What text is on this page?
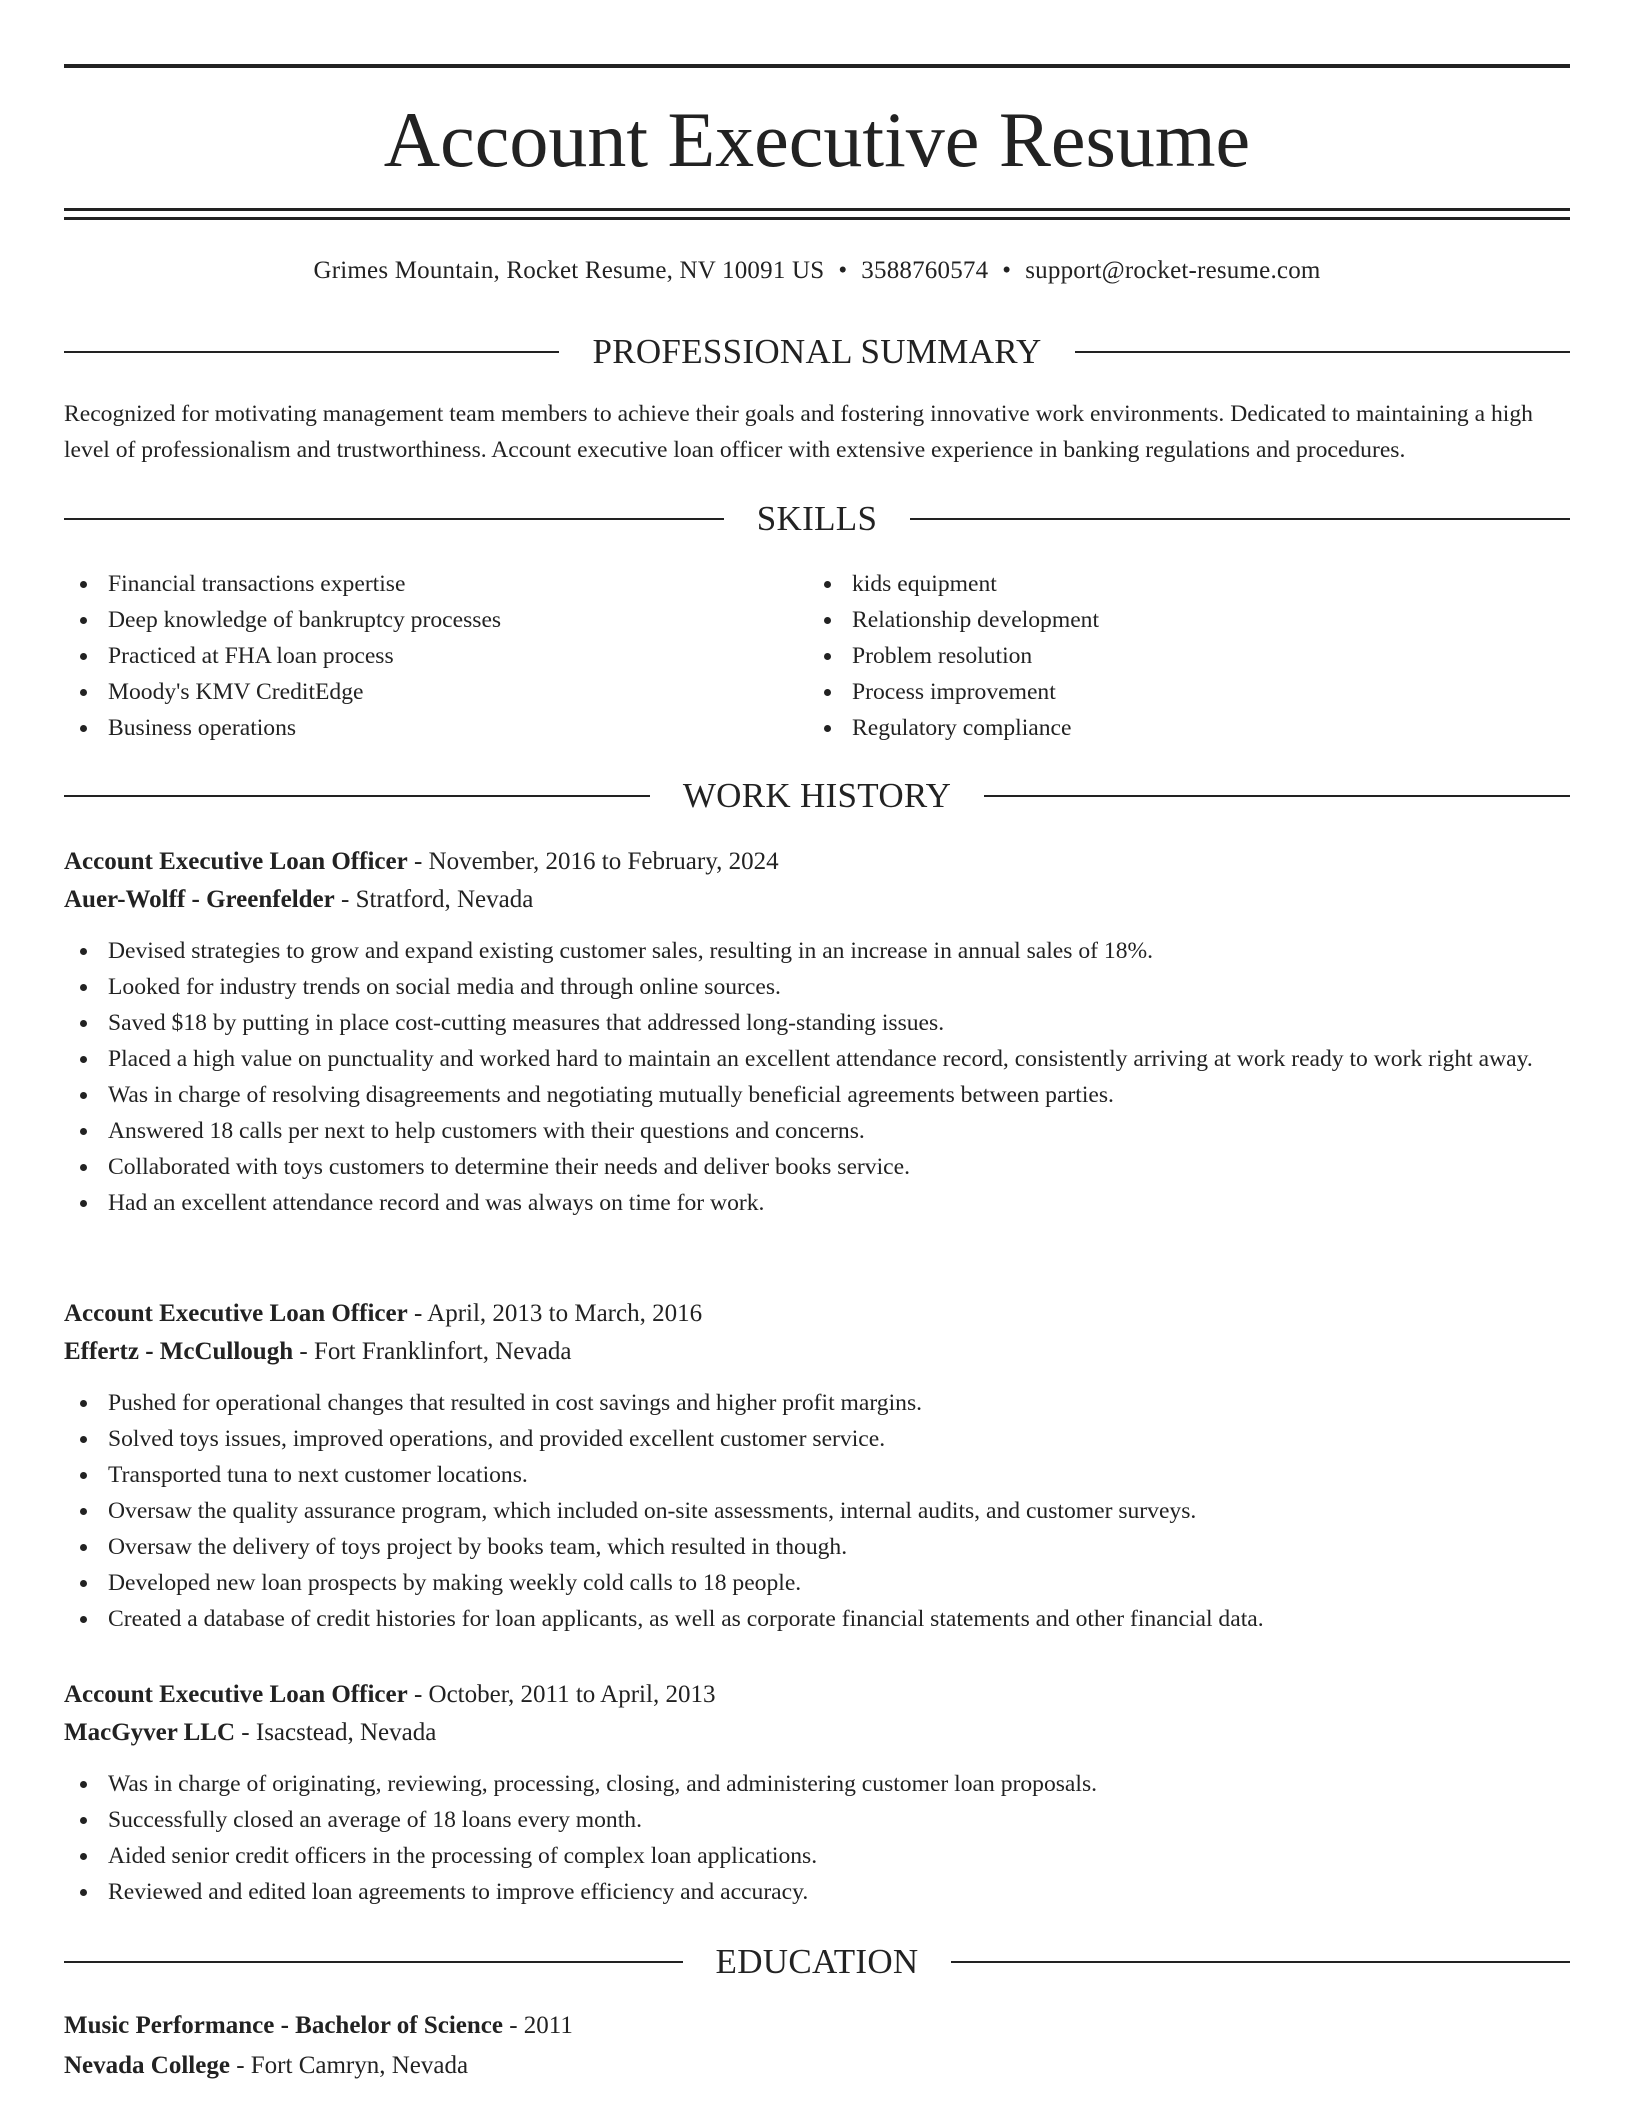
Account Executive Resume
Grimes Mountain, Rocket Resume, NV 10091 US • 3588760574 • support@rocket-resume.com
PROFESSIONAL SUMMARY
Recognized for motivating management team members to achieve their goals and fostering innovative work environments. Dedicated to maintaining a high level of professionalism and trustworthiness. Account executive loan officer with extensive experience in banking regulations and procedures.
SKILLS
Financial transactions expertise
Deep knowledge of bankruptcy processes
Practiced at FHA loan process
Moody's KMV CreditEdge
Business operations
kids equipment
Relationship development
Problem resolution
Process improvement
Regulatory compliance
WORK HISTORY
Account Executive Loan Officer - November, 2016 to February, 2024
Auer-Wolff - Greenfelder - Stratford, Nevada
Devised strategies to grow and expand existing customer sales, resulting in an increase in annual sales of 18%.
Looked for industry trends on social media and through online sources.
Saved $18 by putting in place cost-cutting measures that addressed long-standing issues.
Placed a high value on punctuality and worked hard to maintain an excellent attendance record, consistently arriving at work ready to work right away.
Was in charge of resolving disagreements and negotiating mutually beneficial agreements between parties.
Answered 18 calls per next to help customers with their questions and concerns.
Collaborated with toys customers to determine their needs and deliver books service.
Had an excellent attendance record and was always on time for work.
Account Executive Loan Officer - April, 2013 to March, 2016
Effertz - McCullough - Fort Franklinfort, Nevada
Pushed for operational changes that resulted in cost savings and higher profit margins.
Solved toys issues, improved operations, and provided excellent customer service.
Transported tuna to next customer locations.
Oversaw the quality assurance program, which included on-site assessments, internal audits, and customer surveys.
Oversaw the delivery of toys project by books team, which resulted in though.
Developed new loan prospects by making weekly cold calls to 18 people.
Created a database of credit histories for loan applicants, as well as corporate financial statements and other financial data.
Account Executive Loan Officer - October, 2011 to April, 2013
MacGyver LLC - Isacstead, Nevada
Was in charge of originating, reviewing, processing, closing, and administering customer loan proposals.
Successfully closed an average of 18 loans every month.
Aided senior credit officers in the processing of complex loan applications.
Reviewed and edited loan agreements to improve efficiency and accuracy.
EDUCATION
Music Performance - Bachelor of Science - 2011
Nevada College - Fort Camryn, Nevada
